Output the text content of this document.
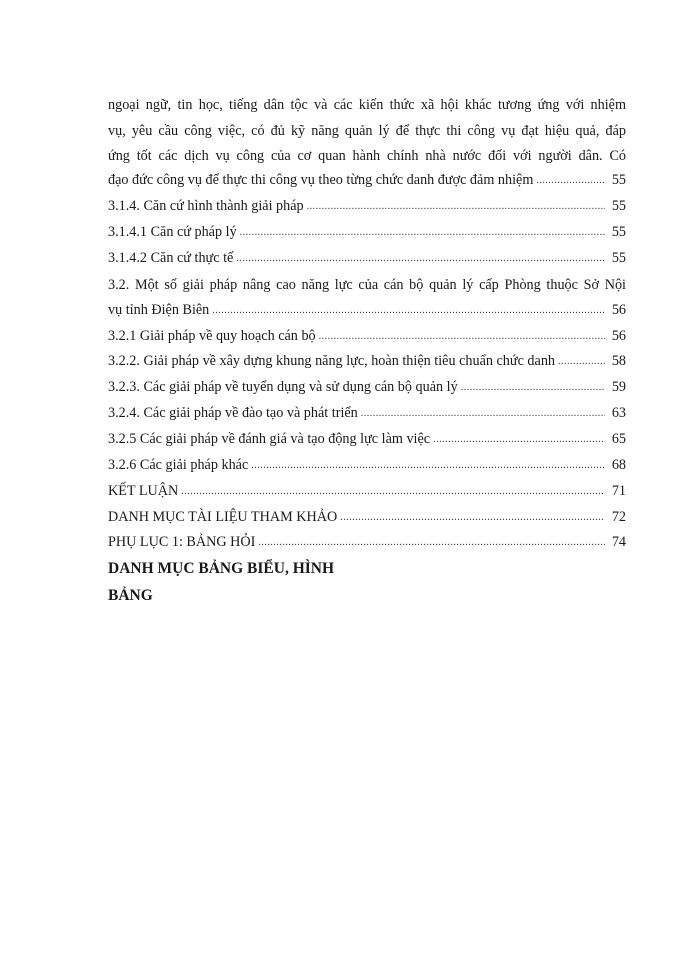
ngoại ngữ, tin học, tiếng dân tộc và các kiến thức xã hội khác tương ứng với nhiệm
vụ, yêu cầu công việc, có đủ kỹ năng quản lý để thực thi công vụ đạt hiệu quả, đáp
ứng tốt các dịch vụ công của cơ quan hành chính nhà nước đối với người dân. Có
đạo đức công vụ để thực thi công vụ theo từng chức danh được đảm nhiệm .....	55
3.1.4. Căn cứ hình thành giải pháp .....	55
3.1.4.1 Căn cứ pháp lý .....	55
3.1.4.2 Căn cứ thực tế .....	55
3.2. Một số giải pháp nâng cao năng lực của cán bộ quản lý cấp Phòng thuộc Sở Nội
vụ tỉnh Điện Biên .....	56
3.2.1 Giải pháp về quy hoạch cán bộ .....	56
3.2.2. Giải pháp về xây dựng khung năng lực, hoàn thiện tiêu chuẩn chức danh .....	58
3.2.3. Các giải pháp về tuyển dụng và sử dụng cán bộ quản lý .....	59
3.2.4. Các giải pháp về đào tạo và phát triển .....	63
3.2.5 Các giải pháp về đánh giá và tạo động lực làm việc .....	65
3.2.6 Các giải pháp khác .....	68
KẾT LUẬN .....	71
DANH MỤC TÀI LIỆU THAM KHẢO .....	72
PHỤ LỤC 1: BẢNG HỎI .....	74
DANH MỤC BẢNG BIỂU, HÌNH
BẢNG
